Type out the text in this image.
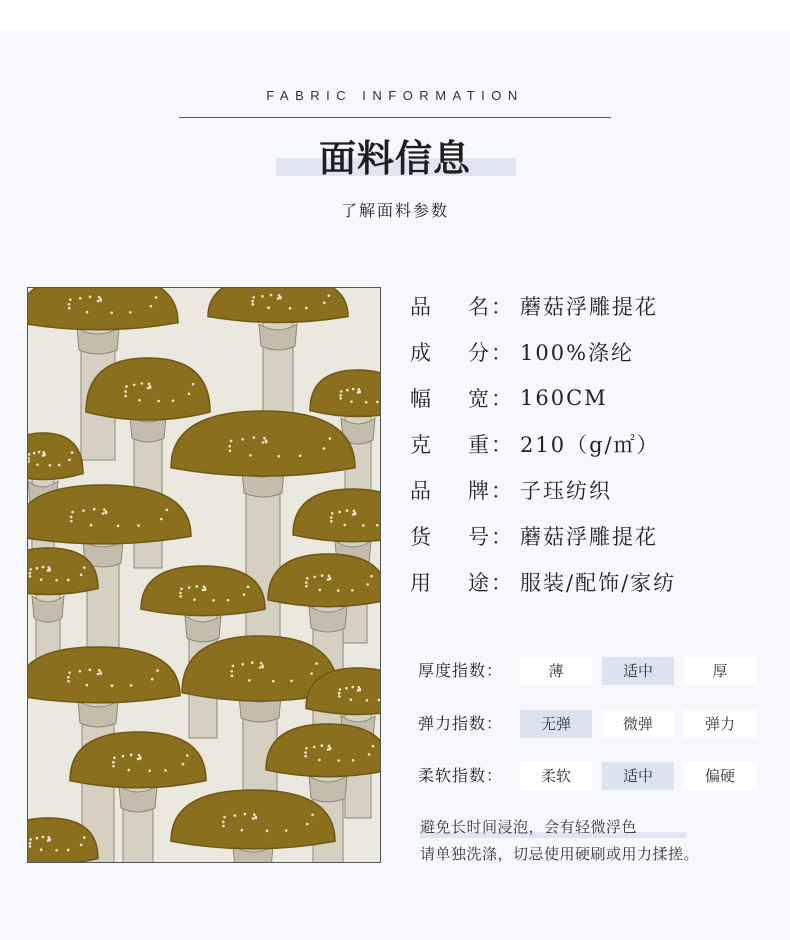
FABRIC INFORMATION
面料信息
了解面料参数
品 名： 蘑菇浮雕提花
成 分： 100%涤纶
幅 宽： 160CM
克 重： 210（g/㎡）
品 牌： 子珏纺织
货 号： 蘑菇浮雕提花
用 途： 服装/配饰/家纺
厚度指数：	薄	适中	厚
弹力指数：	无弹	微弹	弹力
柔软指数：	柔软	适中	偏硬
避免长时间浸泡，会有轻微浮色
请单独洗涤，切忌使用硬刷或用力揉搓。
